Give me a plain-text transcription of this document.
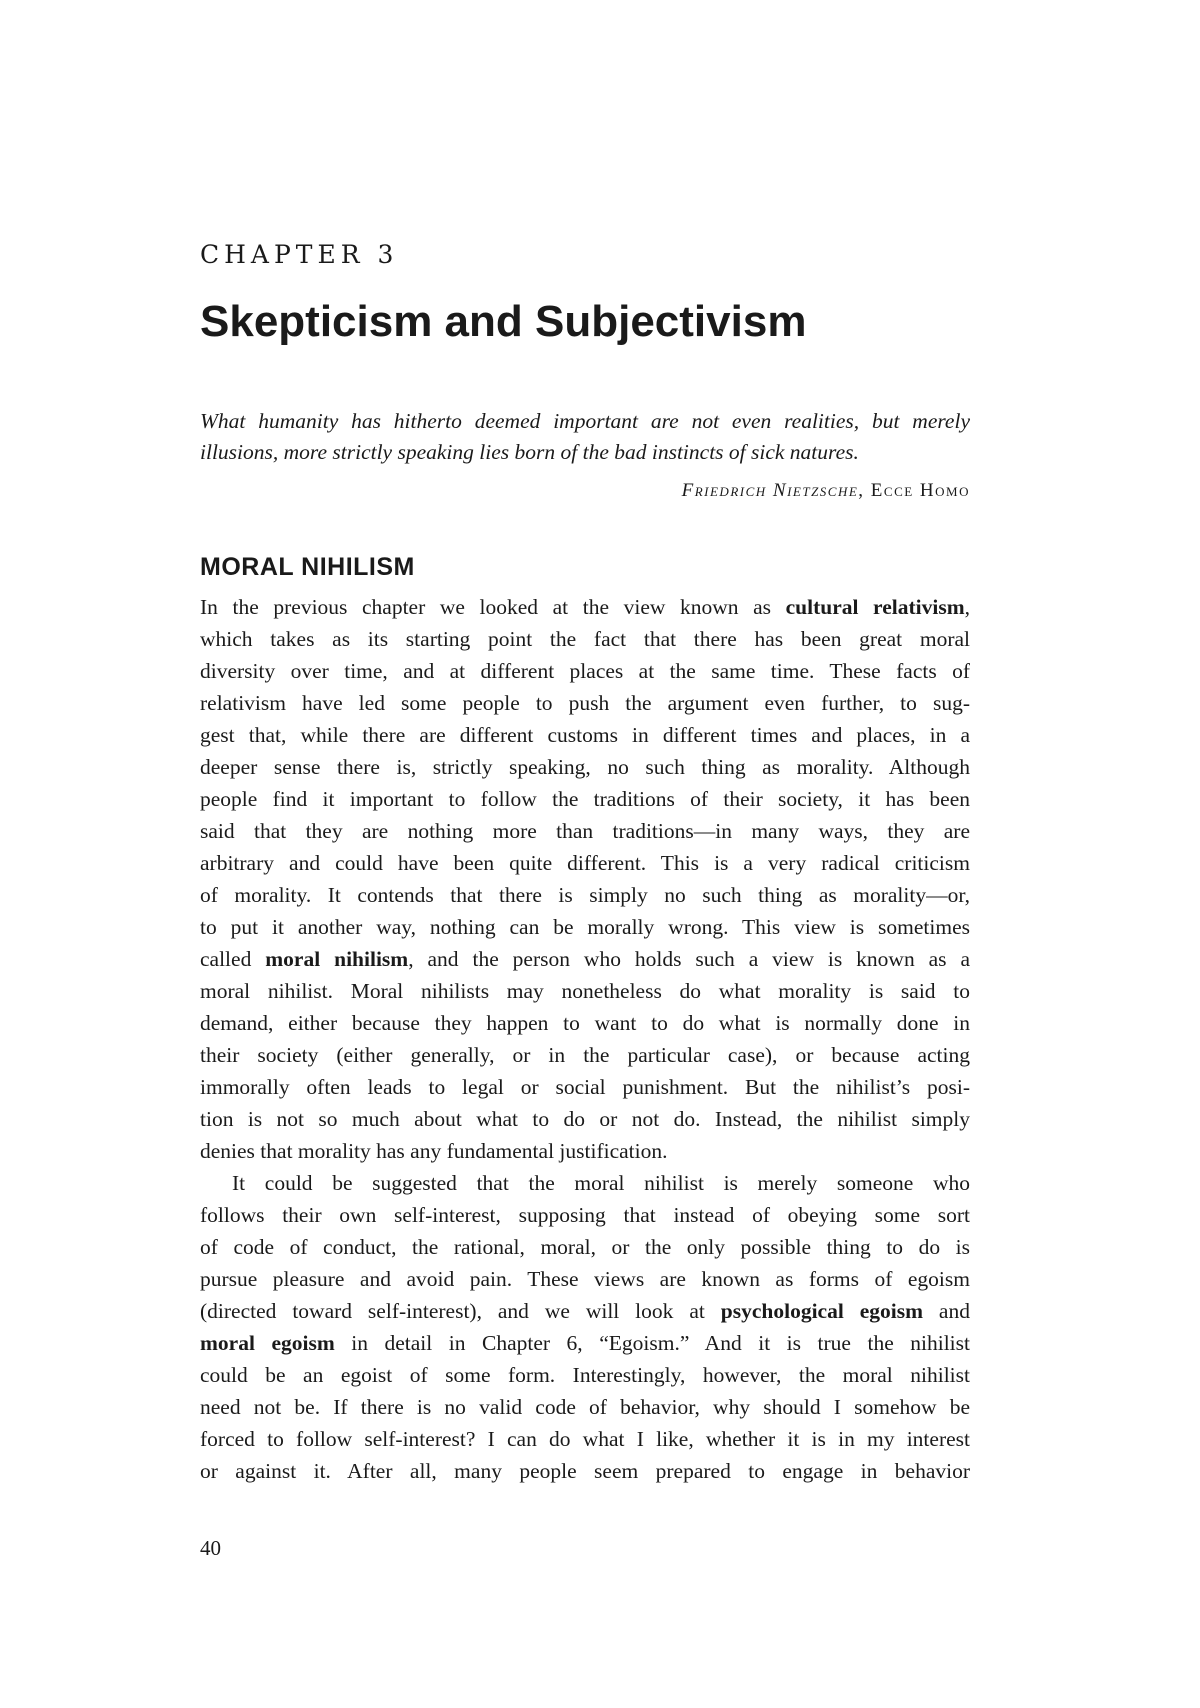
CHAPTER 3
Skepticism and Subjectivism
What humanity has hitherto deemed important are not even realities, but merely
illusions, more strictly speaking lies born of the bad instincts of sick natures.
Friedrich Nietzsche, Ecce Homo
MORAL NIHILISM
In the previous chapter we looked at the view known as cultural relativism,
which takes as its starting point the fact that there has been great moral
diversity over time, and at different places at the same time. These facts of
relativism have led some people to push the argument even further, to sug-
gest that, while there are different customs in different times and places, in a
deeper sense there is, strictly speaking, no such thing as morality. Although
people find it important to follow the traditions of their society, it has been
said that they are nothing more than traditions—in many ways, they are
arbitrary and could have been quite different. This is a very radical criticism
of morality. It contends that there is simply no such thing as morality—or,
to put it another way, nothing can be morally wrong. This view is sometimes
called moral nihilism, and the person who holds such a view is known as a
moral nihilist. Moral nihilists may nonetheless do what morality is said to
demand, either because they happen to want to do what is normally done in
their society (either generally, or in the particular case), or because acting
immorally often leads to legal or social punishment. But the nihilist’s posi-
tion is not so much about what to do or not do. Instead, the nihilist simply
denies that morality has any fundamental justification.
It could be suggested that the moral nihilist is merely someone who
follows their own self-interest, supposing that instead of obeying some sort
of code of conduct, the rational, moral, or the only possible thing to do is
pursue pleasure and avoid pain. These views are known as forms of egoism
(directed toward self-interest), and we will look at psychological egoism and
moral egoism in detail in Chapter 6, “Egoism.” And it is true the nihilist
could be an egoist of some form. Interestingly, however, the moral nihilist
need not be. If there is no valid code of behavior, why should I somehow be
forced to follow self-interest? I can do what I like, whether it is in my interest
or against it. After all, many people seem prepared to engage in behavior
40
